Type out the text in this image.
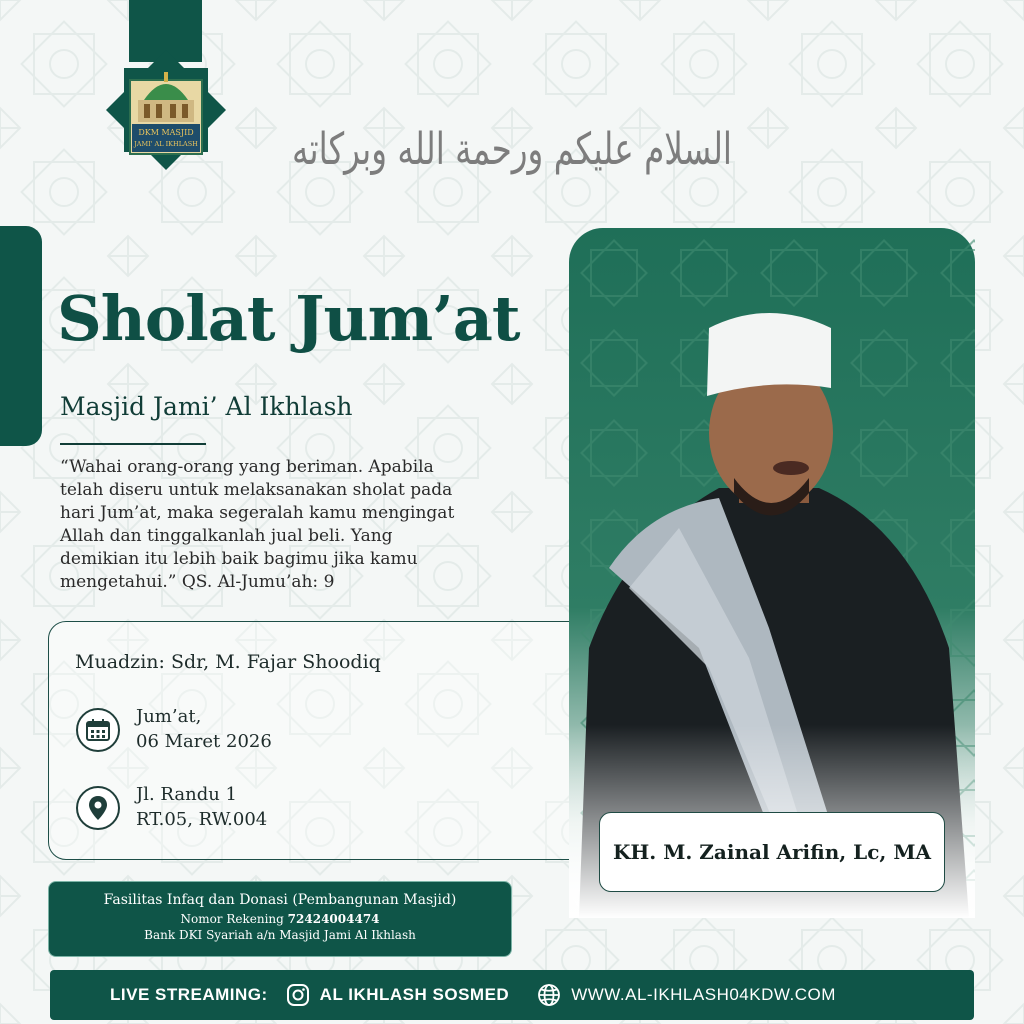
DKM MASJID
JAMI' AL IKHLASH السلام عليكم ورحمة الله وبركاته
Sholat Jum’at
Masjid Jami’ Al Ikhlash
“Wahai orang-orang yang beriman. Apabila telah diseru untuk melaksanakan sholat pada hari Jum’at, maka segeralah kamu mengingat Allah dan tinggalkanlah jual beli. Yang demikian itu lebih baik bagimu jika kamu mengetahui.” QS. Al-Jumu’ah: 9
Muadzin: Sdr, M. Fajar Shoodiq
Jum’at,
06 Maret 2026
Jl. Randu 1
RT.05, RW.004
KH. M. Zainal Arifin, Lc, MA
Fasilitas Infaq dan Donasi (Pembangunan Masjid)
Nomor Rekening 72424004474
Bank DKI Syariah a/n Masjid Jami Al Ikhlash
LIVE STREAMING:	AL IKHLASH SOSMED	WWW.AL-IKHLASH04KDW.COM
